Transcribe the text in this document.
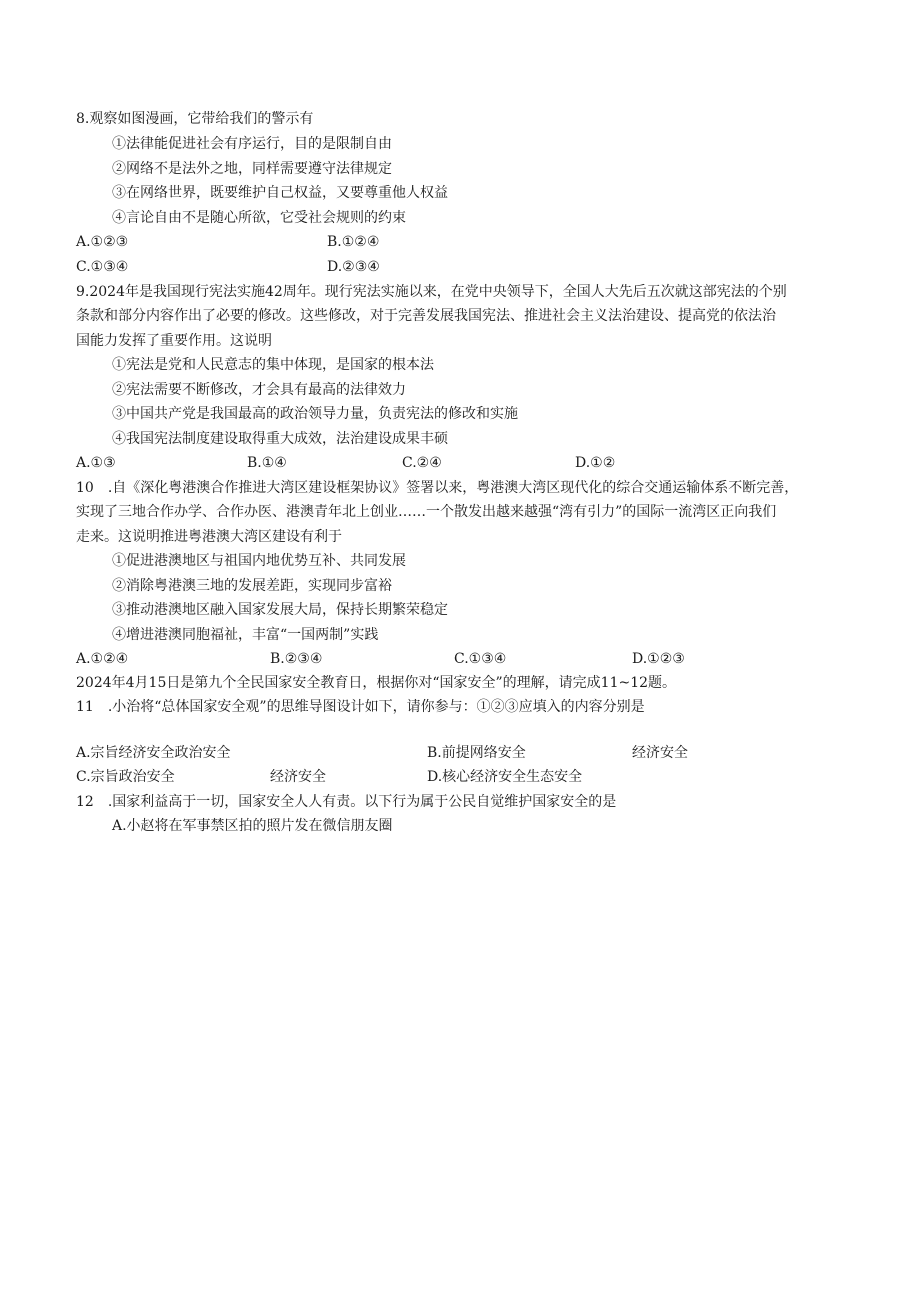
8.观察如图漫画，它带给我们的警示有
①法律能促进社会有序运行，目的是限制自由
②网络不是法外之地，同样需要遵守法律规定
③在网络世界，既要维护自己权益，又要尊重他人权益
④言论自由不是随心所欲，它受社会规则的约束
A.①②③	B.①②④
C.①③④	D.②③④
9.2024年是我国现行宪法实施42周年。现行宪法实施以来，在党中央领导下，全国人大先后五次就这部宪法的个别
条款和部分内容作出了必要的修改。这些修改，对于完善发展我国宪法、推进社会主义法治建设、提高党的依法治
国能力发挥了重要作用。这说明
①宪法是党和人民意志的集中体现，是国家的根本法
②宪法需要不断修改，才会具有最高的法律效力
③中国共产党是我国最高的政治领导力量，负责宪法的修改和实施
④我国宪法制度建设取得重大成效，法治建设成果丰硕
A.①③	B.①④	C.②④	D.①②
10　.自《深化粤港澳合作推进大湾区建设框架协议》签署以来，粤港澳大湾区现代化的综合交通运输体系不断完善，
实现了三地合作办学、合作办医、港澳青年北上创业……一个散发出越来越强“湾有引力”的国际一流湾区正向我们
走来。这说明推进粤港澳大湾区建设有利于
①促进港澳地区与祖国内地优势互补、共同发展
②消除粤港澳三地的发展差距，实现同步富裕
③推动港澳地区融入国家发展大局，保持长期繁荣稳定
④增进港澳同胞福祉，丰富“一国两制”实践
A.①②④	B.②③④	C.①③④	D.①②③
2024年4月15日是第九个全民国家安全教育日，根据你对“国家安全”的理解，请完成11~12题。
11　.小治将“总体国家安全观”的思维导图设计如下，请你参与：①②③应填入的内容分别是
A.宗旨经济安全政治安全	B.前提网络安全	经济安全
C.宗旨政治安全	经济安全	D.核心经济安全生态安全
12　.国家利益高于一切，国家安全人人有责。以下行为属于公民自觉维护国家安全的是
A.小赵将在军事禁区拍的照片发在微信朋友圈
